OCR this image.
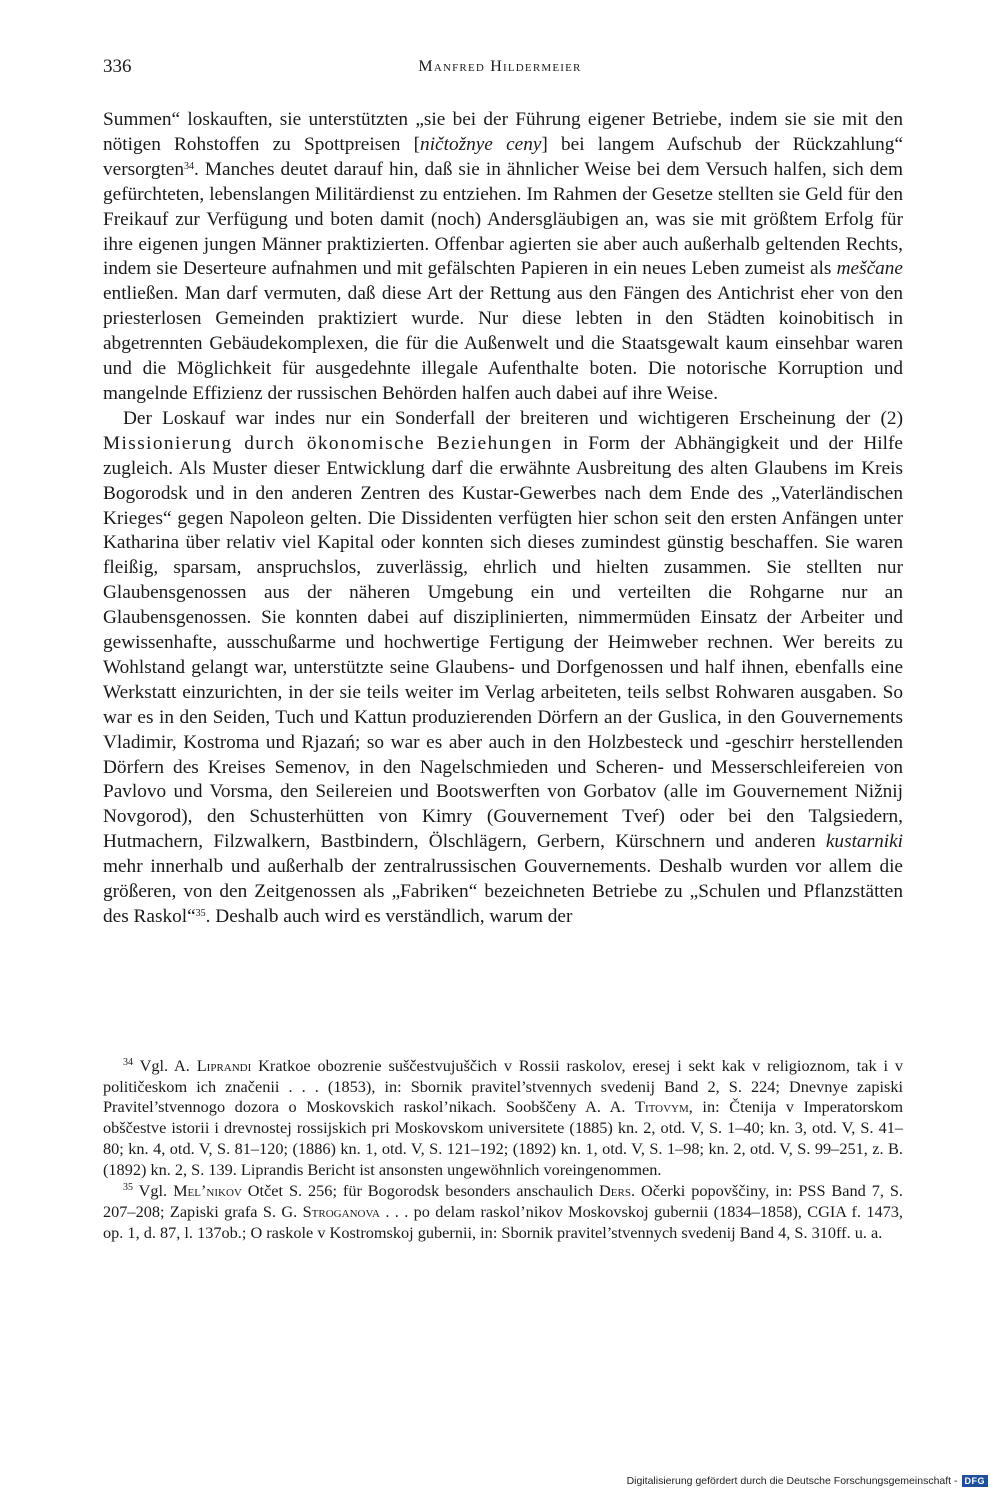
336	Manfred Hildermeier

Summen“ loskauften, sie unterstützten „sie bei der Führung eigener Betriebe, indem sie sie mit den nötigen Rohstoffen zu Spottpreisen [ničtožnye ceny] bei langem Aufschub der Rückzahlung“ versorgten$^{34}$. Manches deutet darauf hin, daß sie in ähnlicher Weise bei dem Versuch halfen, sich dem gefürchteten, lebenslangen Militärdienst zu entziehen. Im Rahmen der Gesetze stellten sie Geld für den Freikauf zur Verfügung und boten damit (noch) Andersgläubigen an, was sie mit größtem Erfolg für ihre eigenen jungen Männer praktizierten. Offenbar agierten sie aber auch außerhalb geltenden Rechts, indem sie Deserteure aufnahmen und mit gefälschten Papieren in ein neues Leben zumeist als meščane entließen. Man darf vermuten, daß diese Art der Rettung aus den Fängen des Antichrist eher von den priesterlosen Gemeinden praktiziert wurde. Nur diese lebten in den Städten koinobitisch in abgetrennten Gebäudekomplexen, die für die Außenwelt und die Staatsgewalt kaum einsehbar waren und die Möglichkeit für ausgedehnte illegale Aufenthalte boten. Die notorische Korruption und mangelnde Effizienz der russischen Behörden halfen auch dabei auf ihre Weise.

Der Loskauf war indes nur ein Sonderfall der breiteren und wichtigeren Erscheinung der (2) Missionierung durch ökonomische Beziehungen in Form der Abhängigkeit und der Hilfe zugleich. Als Muster dieser Entwicklung darf die erwähnte Ausbreitung des alten Glaubens im Kreis Bogorodsk und in den anderen Zentren des Kustar-Gewerbes nach dem Ende des „Vaterländischen Krieges“ gegen Napoleon gelten. Die Dissidenten verfügten hier schon seit den ersten Anfängen unter Katharina über relativ viel Kapital oder konnten sich dieses zumindest günstig beschaffen. Sie waren fleißig, sparsam, anspruchslos, zuverlässig, ehrlich und hielten zusammen. Sie stellten nur Glaubensgenossen aus der näheren Umgebung ein und verteilten die Rohgarne nur an Glaubensgenossen. Sie konnten dabei auf disziplinierten, nimmermüden Einsatz der Arbeiter und gewissenhafte, ausschußarme und hochwertige Fertigung der Heimweber rechnen. Wer bereits zu Wohlstand gelangt war, unterstützte seine Glaubens- und Dorfgenossen und half ihnen, ebenfalls eine Werkstatt einzurichten, in der sie teils weiter im Verlag arbeiteten, teils selbst Rohwaren ausgaben. So war es in den Seiden, Tuch und Kattun produzierenden Dörfern an der Guslica, in den Gouvernements Vladimir, Kostroma und Rjazań; so war es aber auch in den Holzbesteck und -geschirr herstellenden Dörfern des Kreises Semenov, in den Nagelschmieden und Scheren- und Messerschleifereien von Pavlovo und Vorsma, den Seilereien und Bootswerften von Gorbatov (alle im Gouvernement Nižnij Novgorod), den Schusterhütten von Kimry (Gouvernement Tveŕ) oder bei den Talgsiedern, Hutmachern, Filzwalkern, Bastbindern, Ölschlägern, Gerbern, Kürschnern und anderen kustarniki mehr innerhalb und außerhalb der zentralrussischen Gouvernements. Deshalb wurden vor allem die größeren, von den Zeitgenossen als „Fabriken“ bezeichneten Betriebe zu „Schulen und Pflanzstätten des Raskol“$^{35}$. Deshalb auch wird es verständlich, warum der

$^{34}$ Vgl. A. Liprandi Kratkoe obozrenie suščestvujuščich v Rossii raskolov, eresej i sekt kak v religioznom, tak i v političeskom ich značenii . . . (1853), in: Sbornik pravitel’stvennych svedenij Band 2, S. 224; Dnevnye zapiski Pravitel’stvennogo dozora o Moskovskich raskol’nikach. Soobščeny A. A. Titovym, in: Čtenija v Imperatorskom obščestve istorii i drevnostej rossijskich pri Moskovskom universitete (1885) kn. 2, otd. V, S. 1–40; kn. 3, otd. V, S. 41–80; kn. 4, otd. V, S. 81–120; (1886) kn. 1, otd. V, S. 121–192; (1892) kn. 1, otd. V, S. 1–98; kn. 2, otd. V, S. 99–251, z. B. (1892) kn. 2, S. 139. Liprandis Bericht ist ansonsten ungewöhnlich voreingenommen.

$^{35}$ Vgl. Mel’nikov Otčet S. 256; für Bogorodsk besonders anschaulich Ders. Očerki popovščiny, in: PSS Band 7, S. 207–208; Zapiski grafa S. G. Stroganova . . . po delam raskol’nikov Moskovskoj gubernii (1834–1858), CGIA f. 1473, op. 1, d. 87, l. 137ob.; O raskole v Kostromskoj gubernii, in: Sbornik pravitel’stvennych svedenij Band 4, S. 310ff. u. a.

Digitalisierung gefördert durch die Deutsche Forschungsgemeinschaft - DFG
